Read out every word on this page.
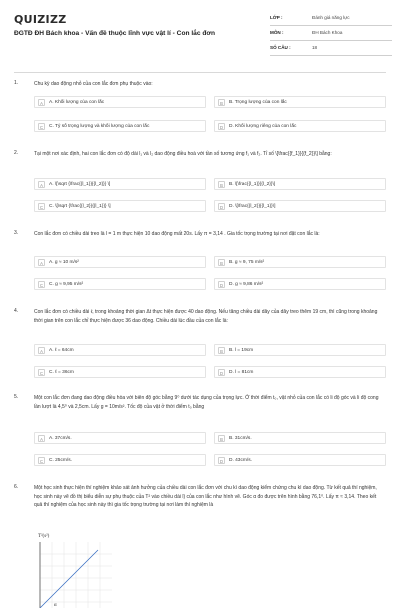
QUIZIZZ
ĐGTĐ ĐH Bách khoa - Vấn đề thuộc lĩnh vực vật lí - Con lắc đơn
LỚP :	Đánh giá năng lực
MÔN :	ĐH Bách Khoa
SỐ CÂU :	18
1.	Chu kỳ dao động nhỏ của con lắc đơn phụ thuộc vào:
A	A. Khối lượng của con lắc	B	B. Trọng lượng của con lắc
C	C. Tỷ số trọng lượng và khối lượng của con lắc	D	D. Khối lượng riêng của con lắc
2.	Tại một nơi xác định, hai con lắc đơn có độ dài l₁ và l₂ dao động điều hoà với tần số tương ứng f₁ và f₂. Tỉ số \[\frac{{f_1}}{{f_2}}\] bằng:
A	A. \[\sqrt {\frac{{l_1}}{{l_2}}} \]	B	B. \[\frac{{l_1}}{{l_2}}\]
C	C. \[\sqrt {\frac{{l_2}}{{l_1}}} \]	D	D. \[\frac{{l_2}}{{l_1}}\]
3.	Con lắc đơn có chiều dài treo là l = 1 m thực hiện 10 dao động mất 20s. Lấy π = 3,14 . Gia tốc trọng trường tại nơi đặt con lắc là:
A	A. g ≈ 10 m/s²	B	B. g ≈ 9, 75 m/s²
C	C. g ≈ 9,95 m/s²	D	D. g ≈ 9,86 m/s²
4.	Con lắc đơn có chiều dài ℓ, trong khoảng thời gian Δt thực hiện được 40 dao động. Nếu tăng chiều dài dây của dây treo thêm 19 cm, thì cũng trong khoảng thời gian trên con lắc chỉ thực hiện được 36 dao động. Chiều dài lúc đầu của con lắc là:
A	A. ℓ = 64cm	B	B. l = 19cm
C	C. ℓ = 36cm	D	D. l = 81cm
5.	Một con lắc đơn đang dao động điều hòa với biên độ góc bằng 9⁰ dưới tác dụng của trọng lực. Ở thời điểm t₀, vật nhỏ của con lắc có li độ góc và li độ cong lần lượt là 4,5⁰ và 2,5cm. Lấy g = 10m/s². Tốc độ của vật ở thời điểm t₀ bằng
A	A. 37cm/s.	B	B. 31cm/s.
C	C. 25cm/s.	D	D. 43cm/s.
6.	Một học sinh thực hiện thí nghiệm khảo sát ảnh hưởng của chiều dài con lắc đơn với chu kì dao động kiểm chứng chu kì dao động. Từ kết quả thí nghiệm, học sinh này vẽ đồ thị biểu diễn sự phụ thuộc của T² vào chiều dài l) của con lắc như hình vẽ. Góc α đo được trên hình bằng 76,1⁰. Lấy π ≈ 3,14. Theo kết quả thí nghiệm của học sinh này thì gia tốc trọng trường tại nơi làm thí nghiệm là
T²(s²)
α
